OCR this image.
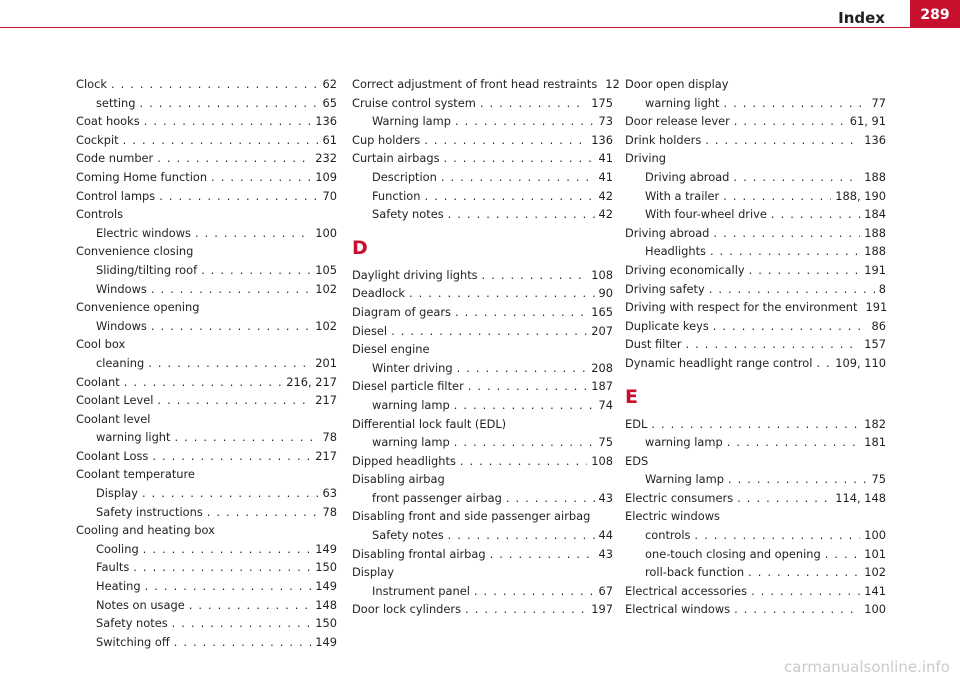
Index	289
Clock . . .	62
setting . . .	65
Coat hooks . . .	136
Cockpit . . .	61
Code number . . .	232
Coming Home function . . .	109
Control lamps . . .	70
Controls
Electric windows . . .	100
Convenience closing
Sliding/tilting roof . . .	105
Windows . . .	102
Convenience opening
Windows . . .	102
Cool box
cleaning . . .	201
Coolant . . .	216, 217
Coolant Level . . .	217
Coolant level
warning light . . .	78
Coolant Loss . . .	217
Coolant temperature
Display . . .	63
Safety instructions . . .	78
Cooling and heating box
Cooling . . .	149
Faults . . .	150
Heating . . .	149
Notes on usage . . .	148
Safety notes . . .	150
Switching off . . .	149
Correct adjustment of front head restraints 12
Cruise control system . . .	175
Warning lamp . . .	73
Cup holders . . .	136
Curtain airbags . . .	41
Description . . .	41
Function . . .	42
Safety notes . . .	42
D
Daylight driving lights . . .	108
Deadlock . . .	90
Diagram of gears . . .	165
Diesel . . .	207
Diesel engine
Winter driving . . .	208
Diesel particle filter . . .	187
warning lamp . . .	74
Differential lock fault (EDL)
warning lamp . . .	75
Dipped headlights . . .	108
Disabling airbag
front passenger airbag . . .	43
Disabling front and side passenger airbag
Safety notes . . .	44
Disabling frontal airbag . . .	43
Display
Instrument panel . . .	67
Door lock cylinders . . .	197
Door open display
warning light . . .	77
Door release lever . . .	61, 91
Drink holders . . .	136
Driving
Driving abroad . . .	188
With a trailer . . .	188, 190
With four-wheel drive . . .	184
Driving abroad . . .	188
Headlights . . .	188
Driving economically . . .	191
Driving safety . . .	8
Driving with respect for the environment 191
Duplicate keys . . .	86
Dust filter . . .	157
Dynamic headlight range control . . . 109, 110
E
EDL . . .	182
warning lamp . . .	181
EDS
Warning lamp . . .	75
Electric consumers . . .	114, 148
Electric windows
controls . . .	100
one-touch closing and opening . . .	101
roll-back function . . .	102
Electrical accessories . . .	141
Electrical windows . . .	100
carmanualsonline.info
